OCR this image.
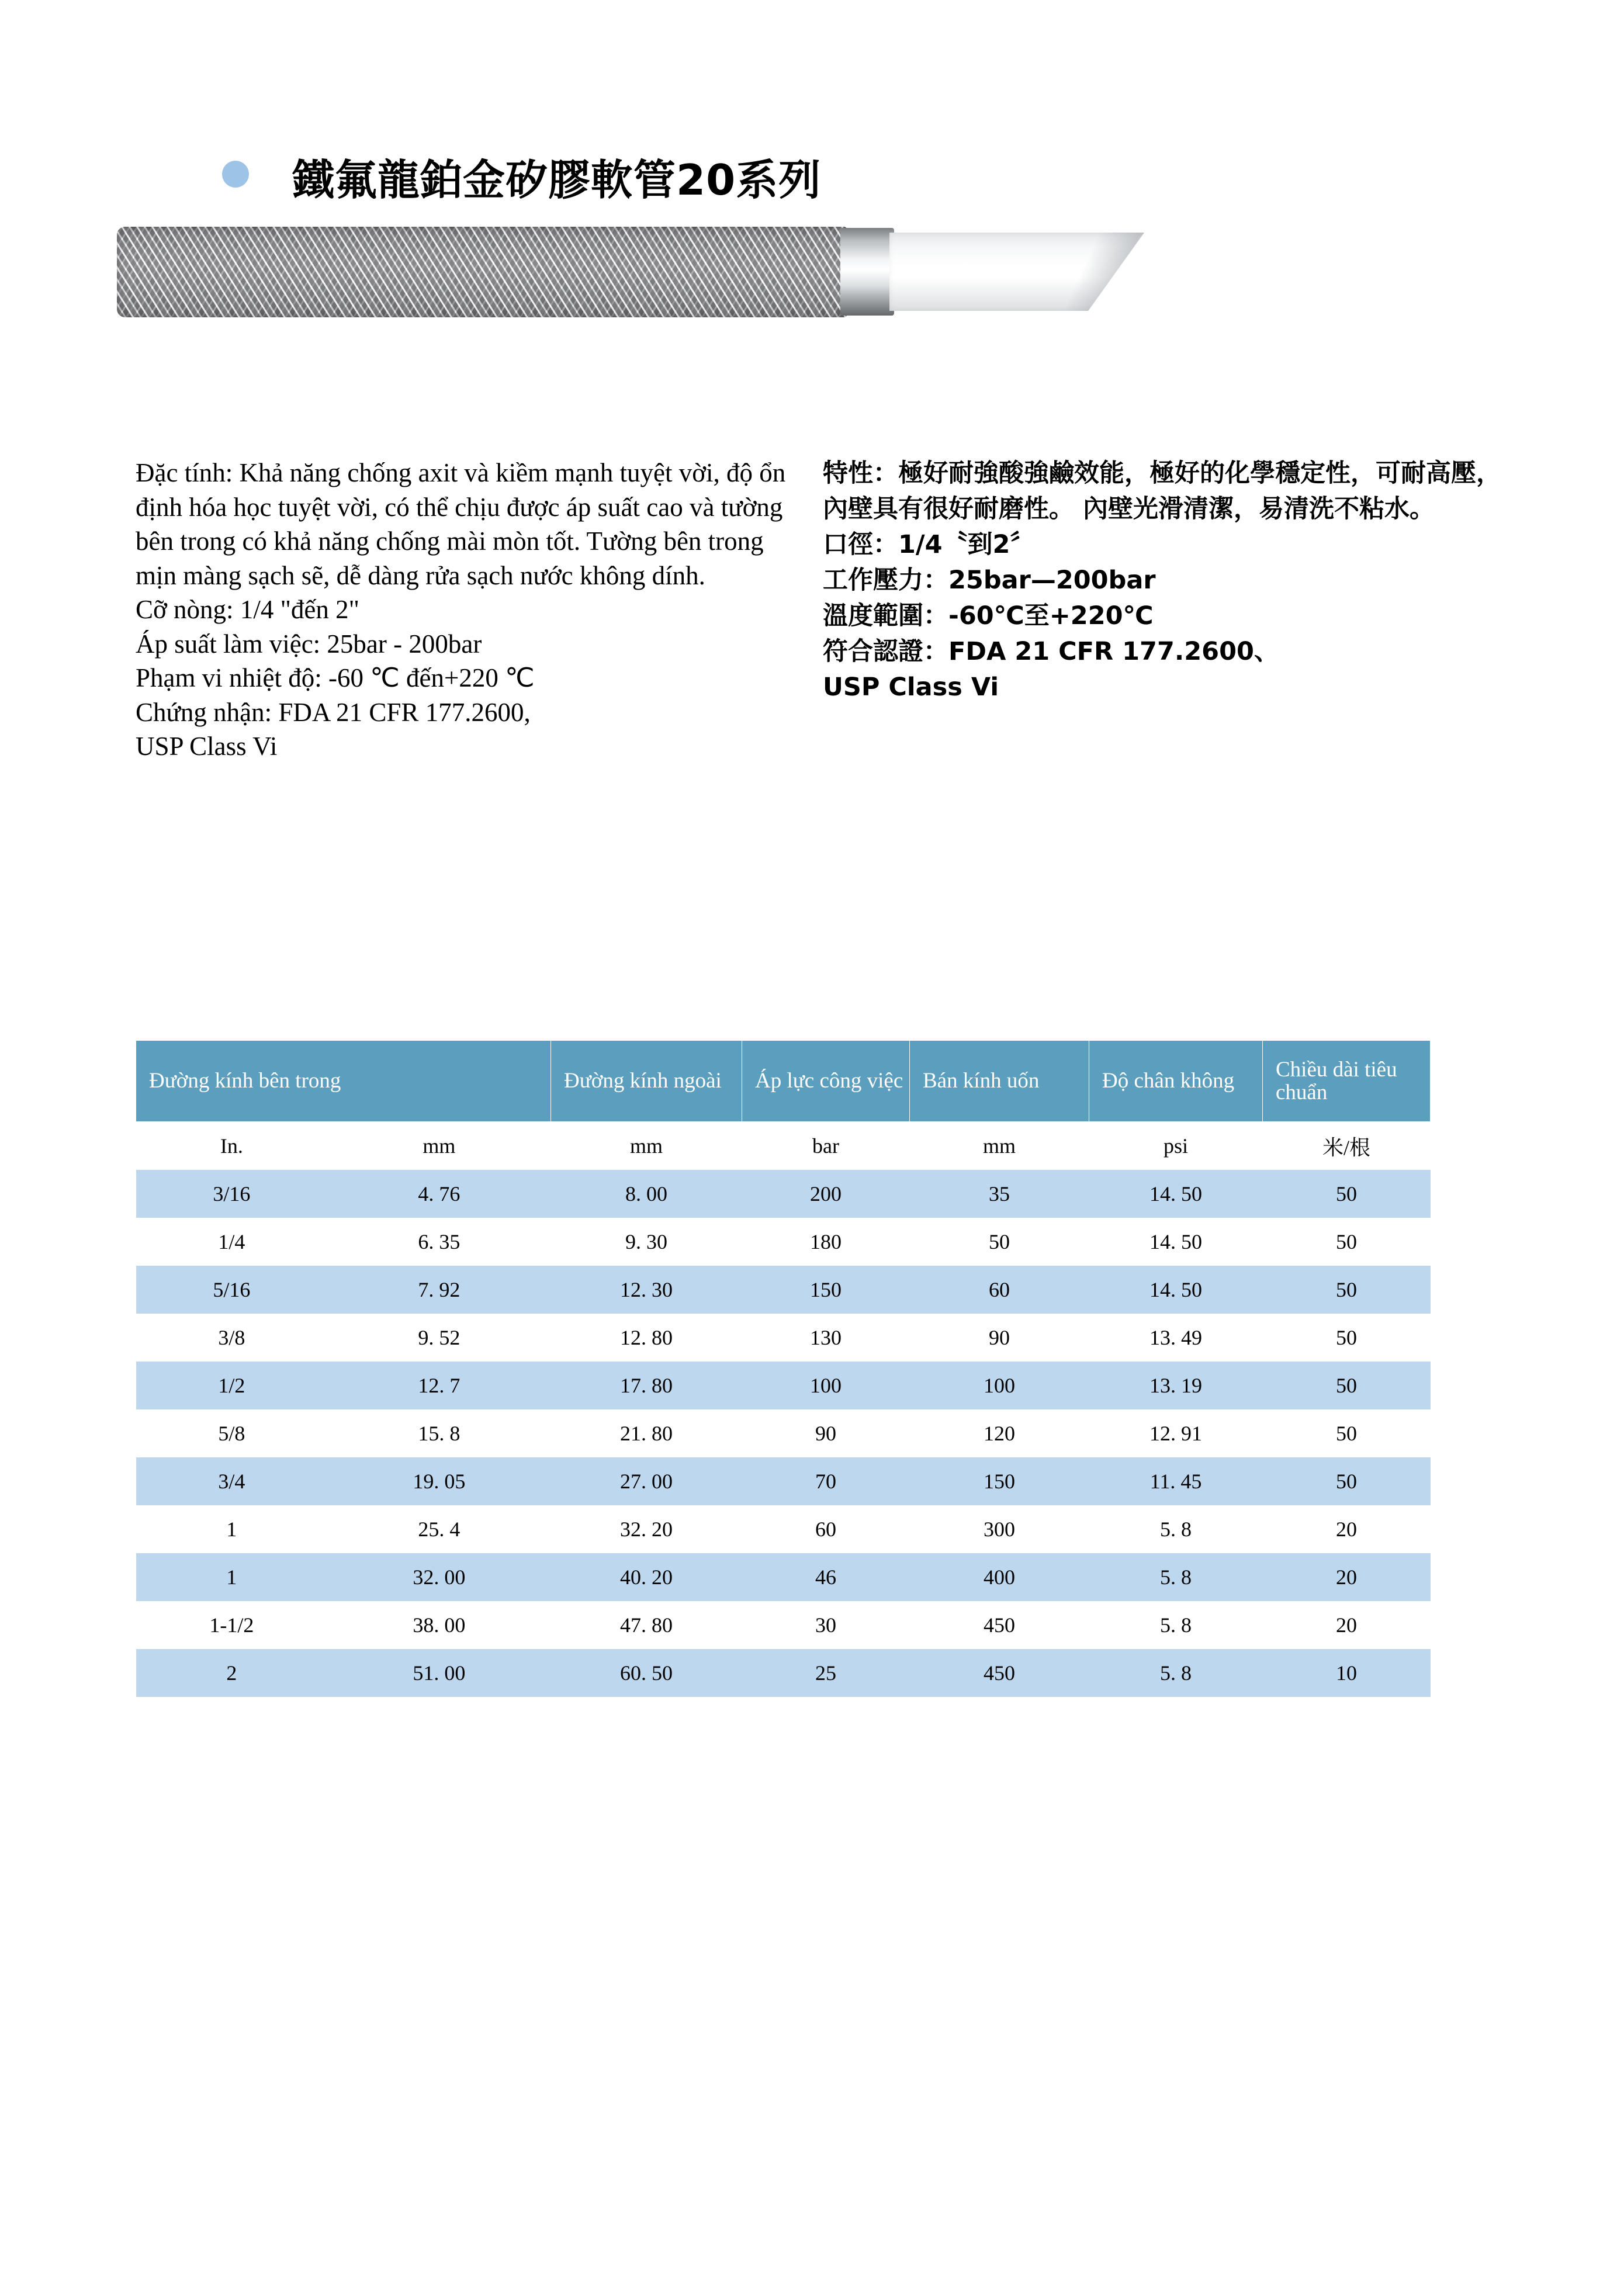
鐵氟龍鉑金矽膠軟管20系列

Đặc tính: Khả năng chống axit và kiềm mạnh tuyệt vời, độ ổn định hóa học tuyệt vời, có thể chịu được áp suất cao và tường bên trong có khả năng chống mài mòn tốt. Tường bên trong mịn màng sạch sẽ, dễ dàng rửa sạch nước không dính.

Cỡ nòng: 1/4 "đến 2"

Áp suất làm việc: 25bar - 200bar

Phạm vi nhiệt độ: -60 ℃ đến+220 ℃

Chứng nhận: FDA 21 CFR 177.2600,

USP Class Vi

特性：極好耐強酸強鹼效能，極好的化學穩定性，可耐高壓，內壁具有很好耐磨性。 內壁光滑清潔，易清洗不粘水。

口徑：1/4〝到2〞

工作壓力：25bar—200bar

溫度範圍：-60℃至+220℃

符合認證：FDA 21 CFR 177.2600、

USP Class Vi

Đường kính bên trong		Đường kính ngoài	Áp lực công việc	Bán kính uốn	Độ chân không	Chiều dài tiêu chuẩn

In.	mm	mm	bar	mm	psi	米/根
3/16	4. 76	8. 00	200	35	14. 50	50
1/4	6. 35	9. 30	180	50	14. 50	50
5/16	7. 92	12. 30	150	60	14. 50	50
3/8	9. 52	12. 80	130	90	13. 49	50
1/2	12. 7	17. 80	100	100	13. 19	50
5/8	15. 8	21. 80	90	120	12. 91	50
3/4	19. 05	27. 00	70	150	11. 45	50
1	25. 4	32. 20	60	300	5. 8	20
1	32. 00	40. 20	46	400	5. 8	20
1-1/2	38. 00	47. 80	30	450	5. 8	20
2	51. 00	60. 50	25	450	5. 8	10
